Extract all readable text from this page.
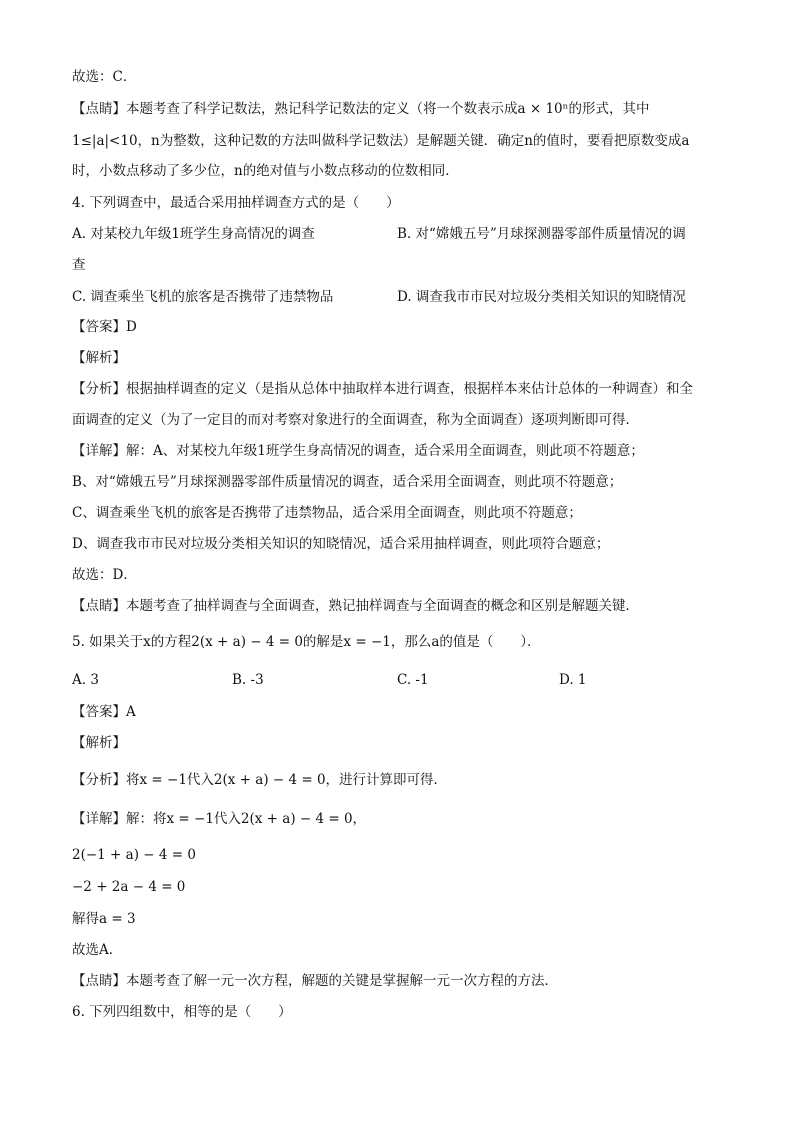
故选：C．
【点睛】本题考查了科学记数法，熟记科学记数法的定义（将一个数表示成a × 10ⁿ的形式，其中
1≤|a|<10，n为整数，这种记数的方法叫做科学记数法）是解题关键．确定n的值时，要看把原数变成a
时，小数点移动了多少位，n的绝对值与小数点移动的位数相同．
4. 下列调查中，最适合采用抽样调查方式的是（　　）
A. 对某校九年级1班学生身高情况的调查	B. 对“嫦娥五号”月球探测器零部件质量情况的调
查
C. 调查乘坐飞机的旅客是否携带了违禁物品	D. 调查我市市民对垃圾分类相关知识的知晓情况
【答案】D
【解析】
【分析】根据抽样调查的定义（是指从总体中抽取样本进行调查，根据样本来估计总体的一种调查）和全
面调查的定义（为了一定目的而对考察对象进行的全面调查，称为全面调查）逐项判断即可得．
【详解】解：A、对某校九年级1班学生身高情况的调查，适合采用全面调查，则此项不符题意；
B、对“嫦娥五号”月球探测器零部件质量情况的调查，适合采用全面调查，则此项不符题意；
C、调查乘坐飞机的旅客是否携带了违禁物品，适合采用全面调查，则此项不符题意；
D、调查我市市民对垃圾分类相关知识的知晓情况，适合采用抽样调查，则此项符合题意；
故选：D．
【点睛】本题考查了抽样调查与全面调查，熟记抽样调查与全面调查的概念和区别是解题关键．
5. 如果关于x的方程2(x + a) − 4 = 0的解是x = −1，那么a的值是（　　）．
A. 3	B. -3	C. -1	D. 1
【答案】A
【解析】
【分析】将x = −1代入2(x + a) − 4 = 0，进行计算即可得．
【详解】解：将x = −1代入2(x + a) − 4 = 0，
2(−1 + a) − 4 = 0
−2 + 2a − 4 = 0
解得a = 3
故选A．
【点睛】本题考查了解一元一次方程，解题的关键是掌握解一元一次方程的方法．
6. 下列四组数中，相等的是（　　）
